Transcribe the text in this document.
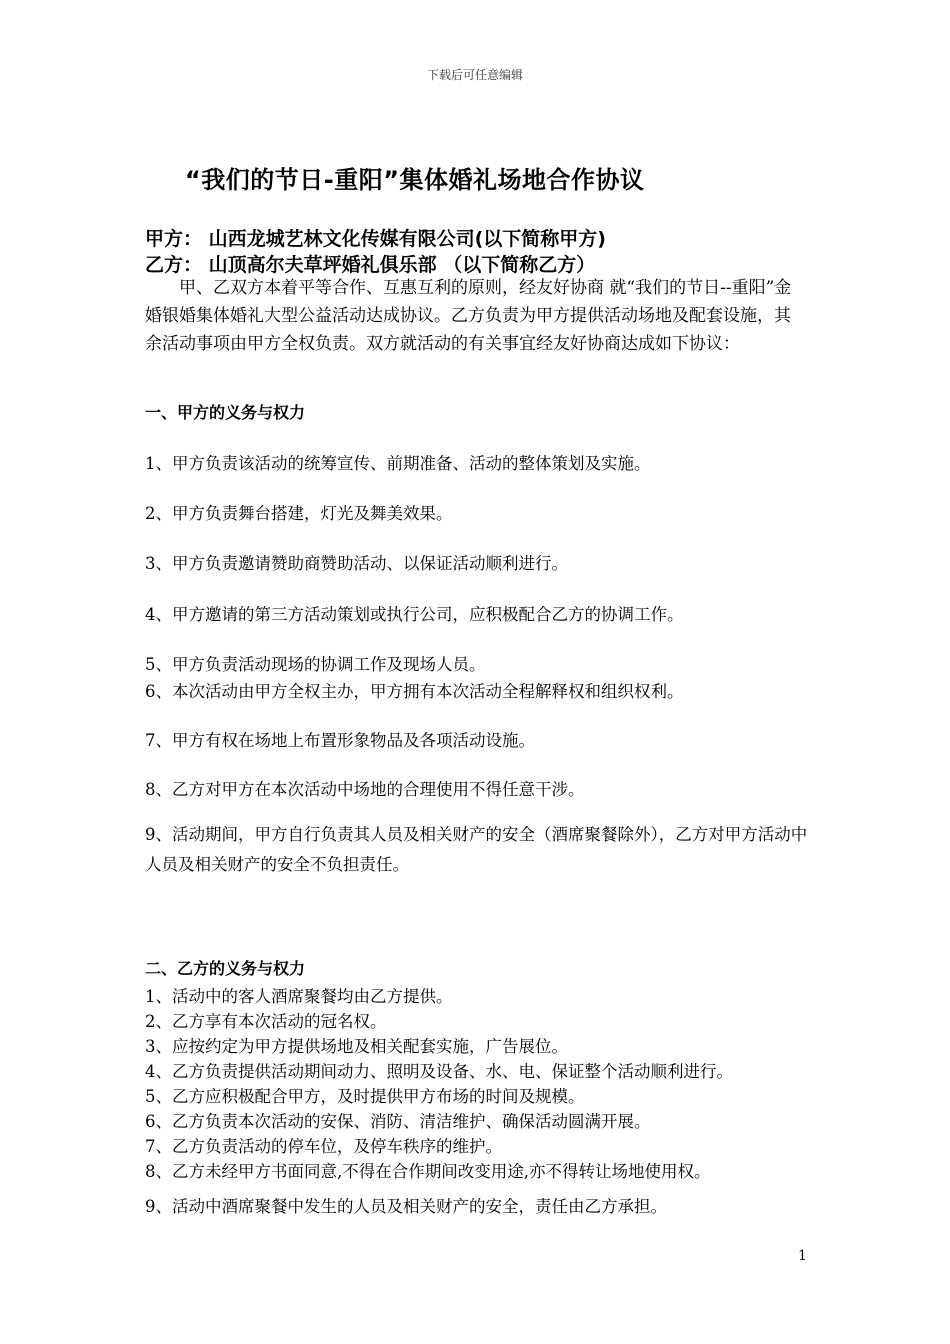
下载后可任意编辑
“我们的节日-重阳”集体婚礼场地合作协议
甲方： 山西龙城艺林文化传媒有限公司(以下简称甲方)
乙方： 山顶高尔夫草坪婚礼俱乐部 （以下简称乙方）
甲、乙双方本着平等合作、互惠互利的原则，经友好协商 就“我们的节日--重阳”金婚银婚集体婚礼大型公益活动达成协议。乙方负责为甲方提供活动场地及配套设施，其余活动事项由甲方全权负责。双方就活动的有关事宜经友好协商达成如下协议：
一、甲方的义务与权力
1、甲方负责该活动的统筹宣传、前期准备、活动的整体策划及实施。
2、甲方负责舞台搭建，灯光及舞美效果。
3、甲方负责邀请赞助商赞助活动、以保证活动顺利进行。
4、甲方邀请的第三方活动策划或执行公司，应积极配合乙方的协调工作。
5、甲方负责活动现场的协调工作及现场人员。
6、本次活动由甲方全权主办，甲方拥有本次活动全程解释权和组织权利。
7、甲方有权在场地上布置形象物品及各项活动设施。
8、乙方对甲方在本次活动中场地的合理使用不得任意干涉。
9、活动期间，甲方自行负责其人员及相关财产的安全（酒席聚餐除外），乙方对甲方活动中人员及相关财产的安全不负担责任。
二、乙方的义务与权力
1、活动中的客人酒席聚餐均由乙方提供。
2、乙方享有本次活动的冠名权。
3、应按约定为甲方提供场地及相关配套实施，广告展位。
4、乙方负责提供活动期间动力、照明及设备、水、电、保证整个活动顺利进行。
5、乙方应积极配合甲方，及时提供甲方布场的时间及规模。
6、乙方负责本次活动的安保、消防、清洁维护、确保活动圆满开展。
7、乙方负责活动的停车位，及停车秩序的维护。
8、乙方未经甲方书面同意,不得在合作期间改变用途,亦不得转让场地使用权。
9、活动中酒席聚餐中发生的人员及相关财产的安全，责任由乙方承担。
1
